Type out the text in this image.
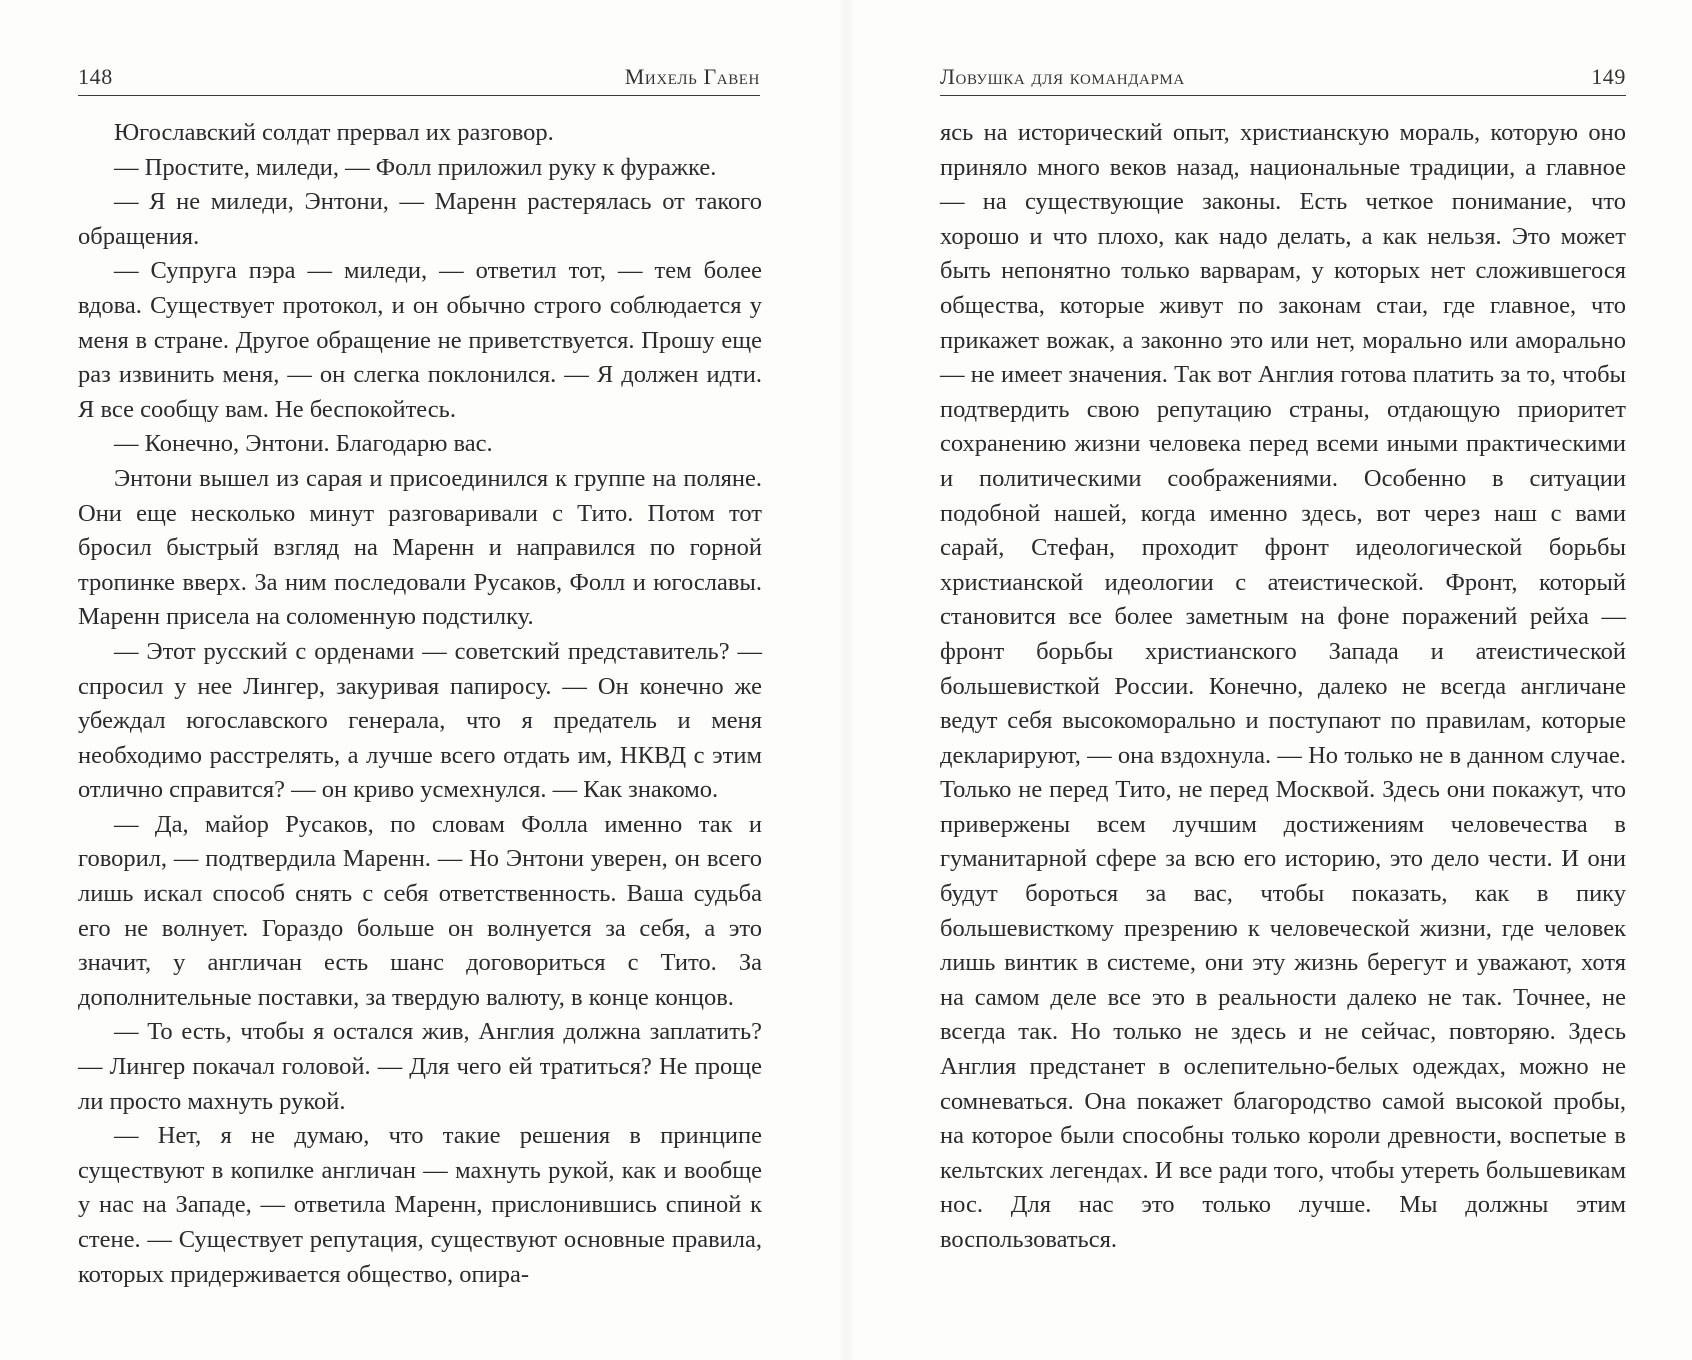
148	Михель Гавен

Югославский солдат прервал их разговор.

— Простите, миледи, — Фолл приложил руку к фуражке.

— Я не миледи, Энтони, — Маренн растерялась от такого обращения.

— Супруга пэра — миледи, — ответил тот, — тем более вдова. Существует протокол, и он обычно строго соблюдается у меня в стране. Другое обращение не приветствуется. Прошу еще раз извинить меня, — он слегка поклонился. — Я должен идти. Я все сообщу вам. Не беспокойтесь.

— Конечно, Энтони. Благодарю вас.

Энтони вышел из сарая и присоединился к группе на поляне. Они еще несколько минут разговаривали с Тито. Потом тот бросил быстрый взгляд на Маренн и направился по горной тропинке вверх. За ним последовали Русаков, Фолл и югославы. Маренн присела на соломенную подстилку.

— Этот русский с орденами — советский представитель? — спросил у нее Лингер, закуривая папиросу. — Он конечно же убеждал югославского генерала, что я предатель и меня необходимо расстрелять, а лучше всего отдать им, НКВД с этим отлично справится? — он криво усмехнулся. — Как знакомо.

— Да, майор Русаков, по словам Фолла именно так и говорил, — подтвердила Маренн. — Но Энтони уверен, он всего лишь искал способ снять с себя ответственность. Ваша судьба его не волнует. Гораздо больше он волнуется за себя, а это значит, у англичан есть шанс договориться с Тито. За дополнительные поставки, за твердую валюту, в конце концов.

— То есть, чтобы я остался жив, Англия должна заплатить? — Лингер покачал головой. — Для чего ей тратиться? Не проще ли просто махнуть рукой.

— Нет, я не думаю, что такие решения в принципе существуют в копилке англичан — махнуть рукой, как и вообще у нас на Западе, — ответила Маренн, прислонившись спиной к стене. — Существует репутация, существуют основные правила, которых придерживается общество, опира-

Ловушка для командарма	149

ясь на исторический опыт, христианскую мораль, которую оно приняло много веков назад, национальные традиции, а главное — на существующие законы. Есть четкое понимание, что хорошо и что плохо, как надо делать, а как нельзя. Это может быть непонятно только варварам, у которых нет сложившегося общества, которые живут по законам стаи, где главное, что прикажет вожак, а законно это или нет, морально или аморально — не имеет значения. Так вот Англия готова платить за то, чтобы подтвердить свою репутацию страны, отдающую приоритет сохранению жизни человека перед всеми иными практическими и политическими соображениями. Особенно в ситуации подобной нашей, когда именно здесь, вот через наш с вами сарай, Стефан, проходит фронт идеологической борьбы христианской идеологии с атеистической. Фронт, который становится все более заметным на фоне поражений рейха — фронт борьбы христианского Запада и атеистической большевисткой России. Конечно, далеко не всегда англичане ведут себя высокоморально и поступают по правилам, которые декларируют, — она вздохнула. — Но только не в данном случае. Только не перед Тито, не перед Москвой. Здесь они покажут, что привержены всем лучшим достижениям человечества в гуманитарной сфере за всю его историю, это дело чести. И они будут бороться за вас, чтобы показать, как в пику большевисткому презрению к человеческой жизни, где человек лишь винтик в системе, они эту жизнь берегут и уважают, хотя на самом деле все это в реальности далеко не так. Точнее, не всегда так. Но только не здесь и не сейчас, повторяю. Здесь Англия предстанет в ослепительно-белых одеждах, можно не сомневаться. Она покажет благородство самой высокой пробы, на которое были способны только короли древности, воспетые в кельтских легендах. И все ради того, чтобы утереть большевикам нос. Для нас это только лучше. Мы должны этим воспользоваться.
